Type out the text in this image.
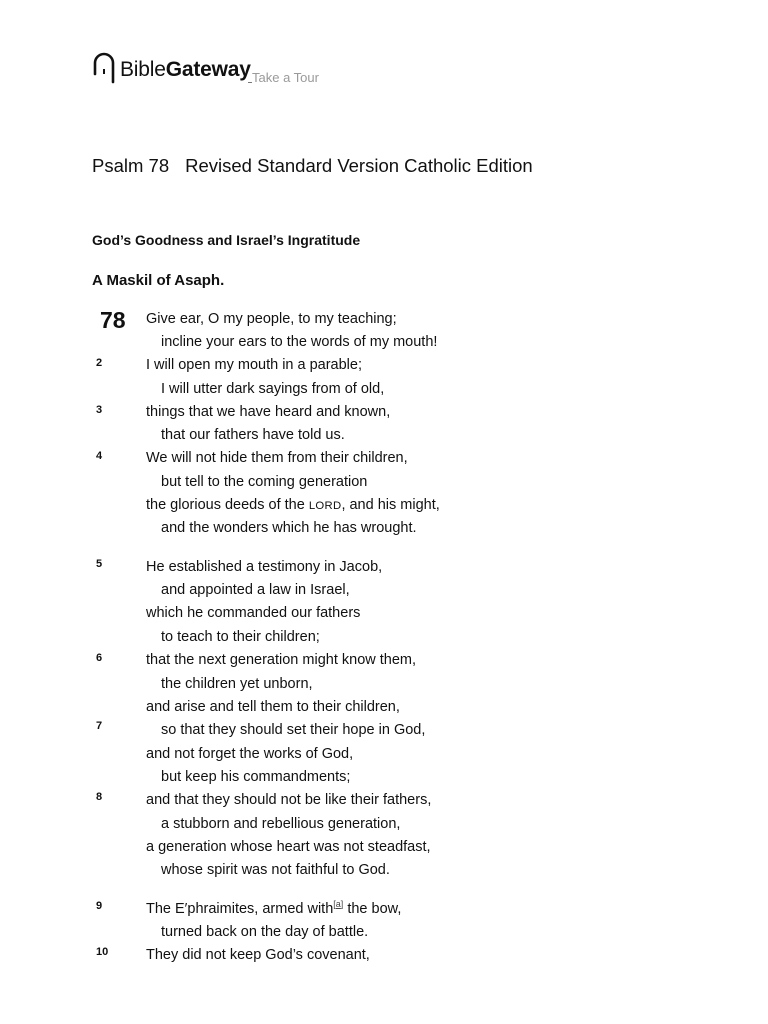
BibleGateway Take a Tour
Psalm 78 Revised Standard Version Catholic Edition
God’s Goodness and Israel’s Ingratitude
A Maskil of Asaph.
78 Give ear, O my people, to my teaching;
incline your ears to the words of my mouth!
2	I will open my mouth in a parable;
I will utter dark sayings from of old,
3	things that we have heard and known,
that our fathers have told us.
4	We will not hide them from their children,
but tell to the coming generation
the glorious deeds of the LORD, and his might,
and the wonders which he has wrought.
5	He established a testimony in Jacob,
and appointed a law in Israel,
which he commanded our fathers
to teach to their children;
6	that the next generation might know them,
the children yet unborn,
and arise and tell them to their children,
7	so that they should set their hope in God,
and not forget the works of God,
but keep his commandments;
8	and that they should not be like their fathers,
a stubborn and rebellious generation,
a generation whose heart was not steadfast,
whose spirit was not faithful to God.
9	The E′phraimites, armed with[a] the bow,
turned back on the day of battle.
10	They did not keep God’s covenant,
